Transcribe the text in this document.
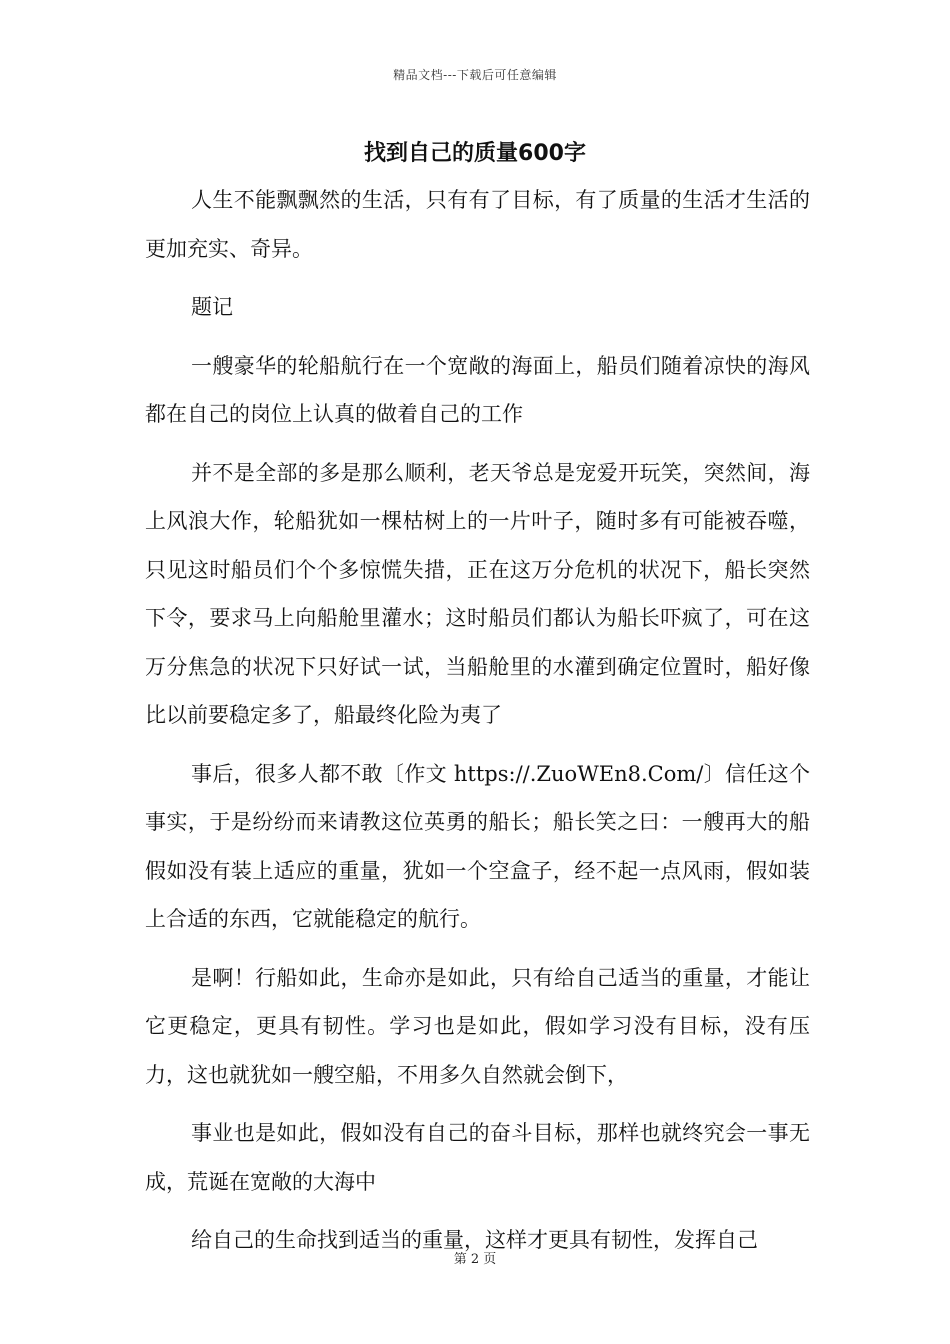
精品文档---下载后可任意编辑
找到自己的质量600字

人生不能飘飘然的生活，只有有了目标，有了质量的生活才生活的更加充实、奇异。

题记

一艘豪华的轮船航行在一个宽敞的海面上，船员们随着凉快的海风都在自己的岗位上认真的做着自己的工作

并不是全部的多是那么顺利，老天爷总是宠爱开玩笑，突然间，海上风浪大作，轮船犹如一棵枯树上的一片叶子，随时多有可能被吞噬，只见这时船员们个个多惊慌失措，正在这万分危机的状况下，船长突然下令，要求马上向船舱里灌水；这时船员们都认为船长吓疯了，可在这万分焦急的状况下只好试一试，当船舱里的水灌到确定位置时，船好像比以前要稳定多了，船最终化险为夷了

事后，很多人都不敢〔作文 https://.ZuoWEn8.Com/〕信任这个事实，于是纷纷而来请教这位英勇的船长；船长笑之曰：一艘再大的船假如没有装上适应的重量，犹如一个空盒子，经不起一点风雨，假如装上合适的东西，它就能稳定的航行。

是啊！行船如此，生命亦是如此，只有给自己适当的重量，才能让它更稳定，更具有韧性。学习也是如此，假如学习没有目标，没有压力，这也就犹如一艘空船，不用多久自然就会倒下，

事业也是如此，假如没有自己的奋斗目标，那样也就终究会一事无成，荒诞在宽敞的大海中

给自己的生命找到适当的重量，这样才更具有韧性，发挥自己

第 2 页
